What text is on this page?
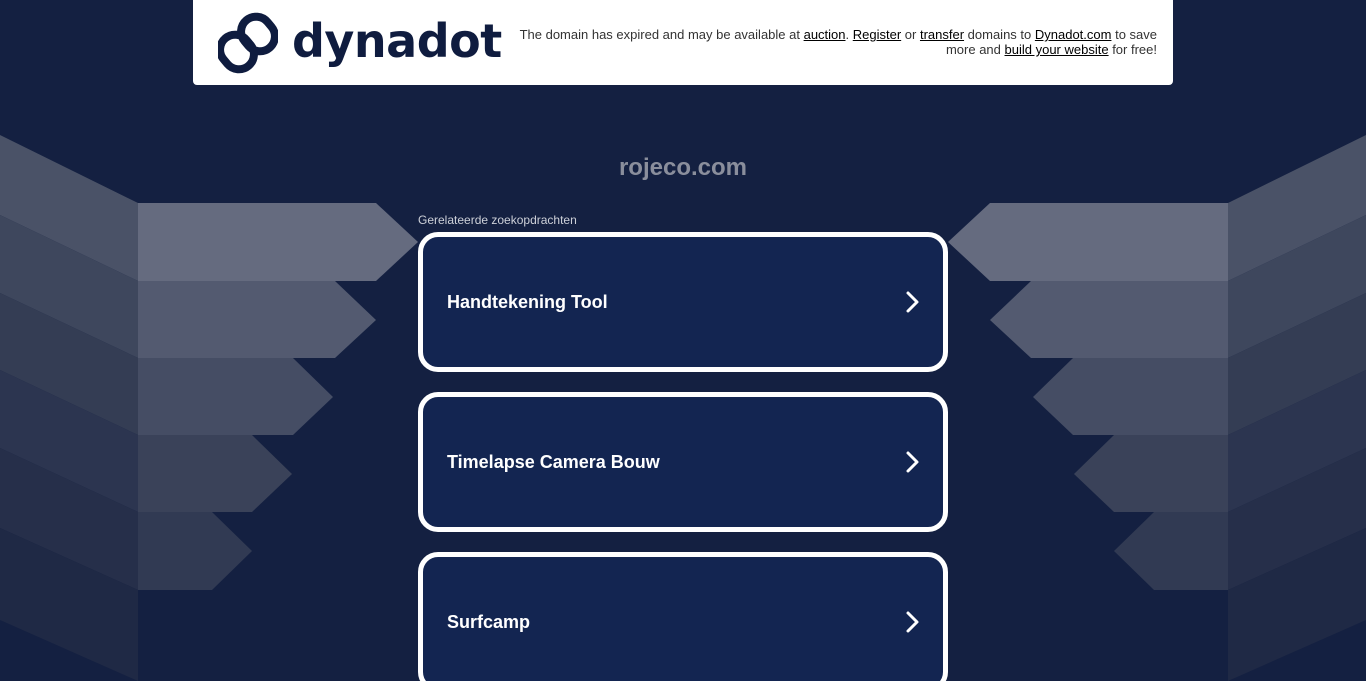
dynadot	The domain has expired and may be available at auction. Register or transfer domains to Dynadot.com to save more and build your website for free!
rojeco.com
Gerelateerde zoekopdrachten
Handtekening Tool
Timelapse Camera Bouw
Surfcamp
